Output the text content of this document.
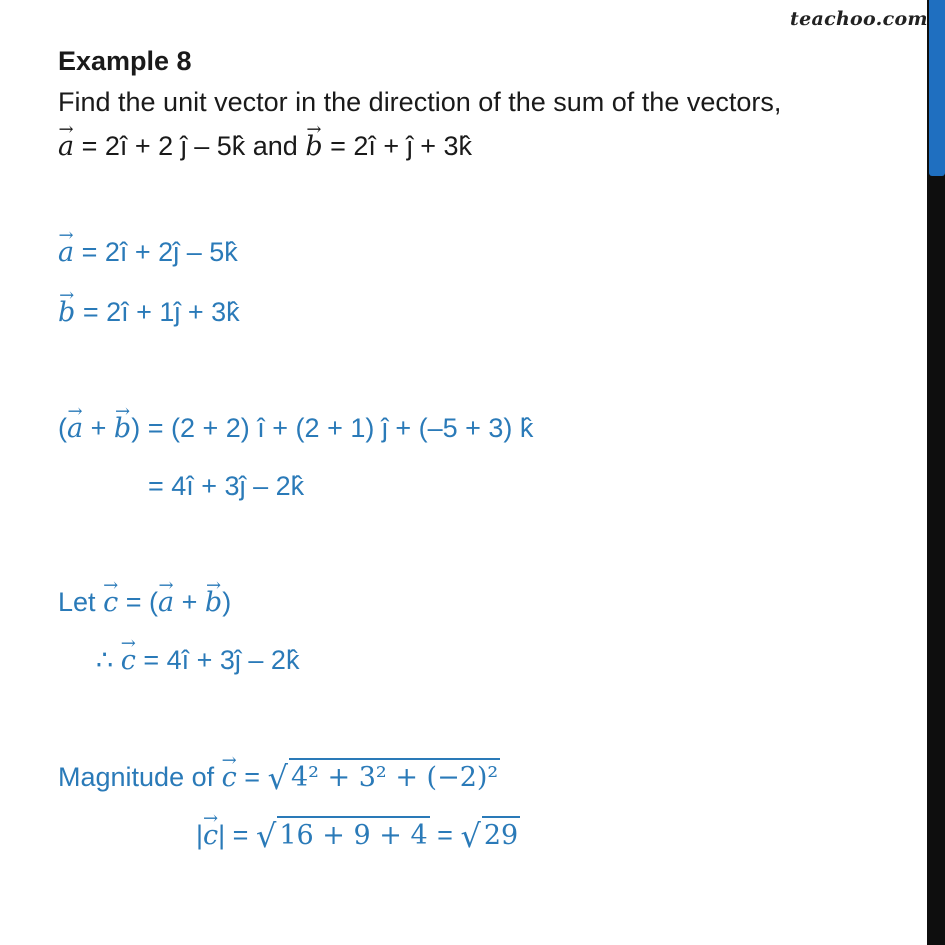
teachoo.com
Example 8
Find the unit vector in the direction of the sum of the vectors,
a → = 2î + 2 ĵ – 5k̂ and b → = 2î + ĵ + 3k̂
a → = 2î + 2ĵ – 5k̂
b → = 2î + 1ĵ + 3k̂
(a → + b →) = (2 + 2) î + (2 + 1) ĵ + (–5 + 3) k̂
= 4î + 3ĵ – 2k̂
Let c → = (a → + b →)
∴ c → = 4î + 3ĵ – 2k̂
Magnitude of c → = √ 4² + 3² + (−2)²
|c →| = √ 16 + 9 + 4 = √ 29
